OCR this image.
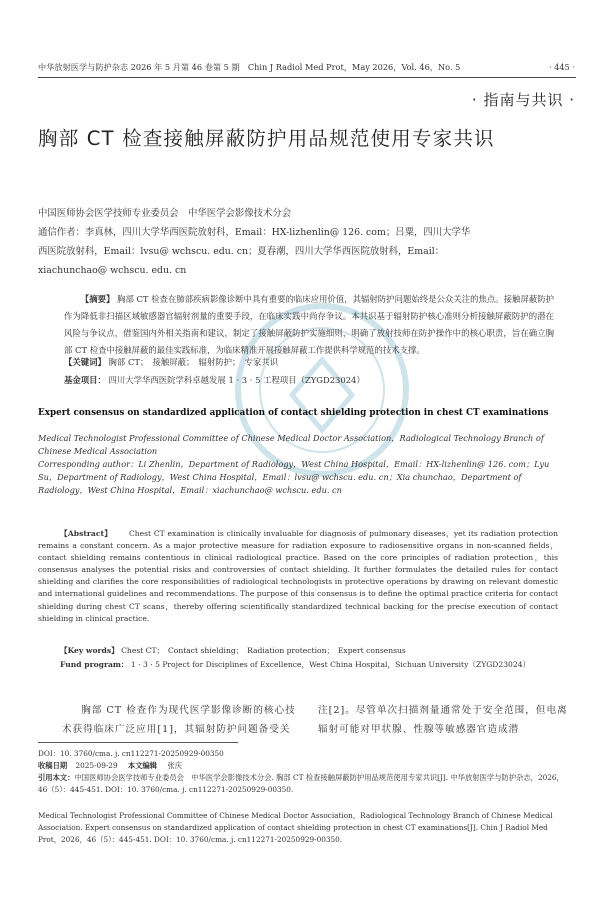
中华放射医学与防护杂志 2026 年 5 月第 46 卷第 5 期　Chin J Radiol Med Prot，May 2026，Vol. 46，No. 5	· 445 ·
· 指南与共识 ·
胸部 CT 检查接触屏蔽防护用品规范使用专家共识
中国医师协会医学技师专业委员会　中华医学会影像技术分会
通信作者：李真林，四川大学华西医院放射科，Email：HX-lizhenlin@ 126. com；吕粟，四川大学华西医院放射科，Email：lvsu@ wchscu. edu. cn；夏春潮，四川大学华西医院放射科，Email：xiachunchao@ wchscu. edu. cn
【摘要】 胸部 CT 检查在肺部疾病影像诊断中具有重要的临床应用价值，其辐射防护问题始终是公众关注的焦点。接触屏蔽防护作为降低非扫描区域敏感器官辐射剂量的重要手段，在临床实践中尚存争议。本共识基于辐射防护核心准则分析接触屏蔽防护的潜在风险与争议点，借鉴国内外相关指南和建议，制定了接触屏蔽防护实施细则，明确了放射技师在防护操作中的核心职责，旨在确立胸部 CT 检查中接触屏蔽的最佳实践标准，为临床精准开展接触屏蔽工作提供科学规范的技术支撑。
【关键词】 胸部 CT；　接触屏蔽；　辐射防护；　专家共识
基金项目： 四川大学华西医院学科卓越发展 1 · 3 · 5 工程项目（ZYGD23024）
Expert consensus on standardized application of contact shielding protection in chest CT examinations
Medical Technologist Professional Committee of Chinese Medical Doctor Association，Radiological Technology Branch of Chinese Medical Association
Corresponding author：Li Zhenlin，Department of Radiology，West China Hospital，Email：HX-lizhenlin@ 126. com；Lyu Su，Department of Radiology，West China Hospital，Email：lvsu@ wchscu. edu. cn；Xia chunchao，Department of Radiology，West China Hospital，Email：xiachunchao@ wchscu. edu. cn
【Abstract】 Chest CT examination is clinically invaluable for diagnosis of pulmonary diseases，yet its radiation protection remains a constant concern. As a major protective measure for radiation exposure to radiosensitive organs in non-scanned fields，contact shielding remains contentious in clinical radiological practice. Based on the core principles of radiation protection，this consensus analyses the potential risks and controversies of contact shielding. It further formulates the detailed rules for contact shielding and clarifies the core responsibilities of radiological technologists in protective operations by drawing on relevant domestic and international guidelines and recommendations. The purpose of this consensus is to define the optimal practice criteria for contact shielding during chest CT scans，thereby offering scientifically standardized technical backing for the precise execution of contact shielding in clinical practice.
【Key words】 Chest CT；　Contact shielding；　Radiation protection；　Expert consensus
Fund program： 1 · 3 · 5 Project for Disciplines of Excellence，West China Hospital，Sichuan University（ZYGD23024）
胸部 CT 检查作为现代医学影像诊断的核心技术获得临床广泛应用[1]，其辐射防护问题备受关
注[2]。尽管单次扫描剂量通常处于安全范围，但电离辐射可能对甲状腺、性腺等敏感器官造成潜
DOI：10. 3760/cma. j. cn112271-20250929-00350
收稿日期 2025-09-29 本文编辑 张庆
引用本文：中国医师协会医学技师专业委员会　中华医学会影像技术分会. 胸部 CT 检查接触屏蔽防护用品规范使用专家共识[J]. 中华放射医学与防护杂志，2026，46（5）：445-451. DOI：10. 3760/cma. j. cn112271-20250929-00350.
Medical Technologist Professional Committee of Chinese Medical Doctor Association，Radiological Technology Branch of Chinese Medical Association. Expert consensus on standardized application of contact shielding protection in chest CT examinations[J]. Chin J Radiol Med Prot，2026，46（5）：445-451. DOI：10. 3760/cma. j. cn112271-20250929-00350.
